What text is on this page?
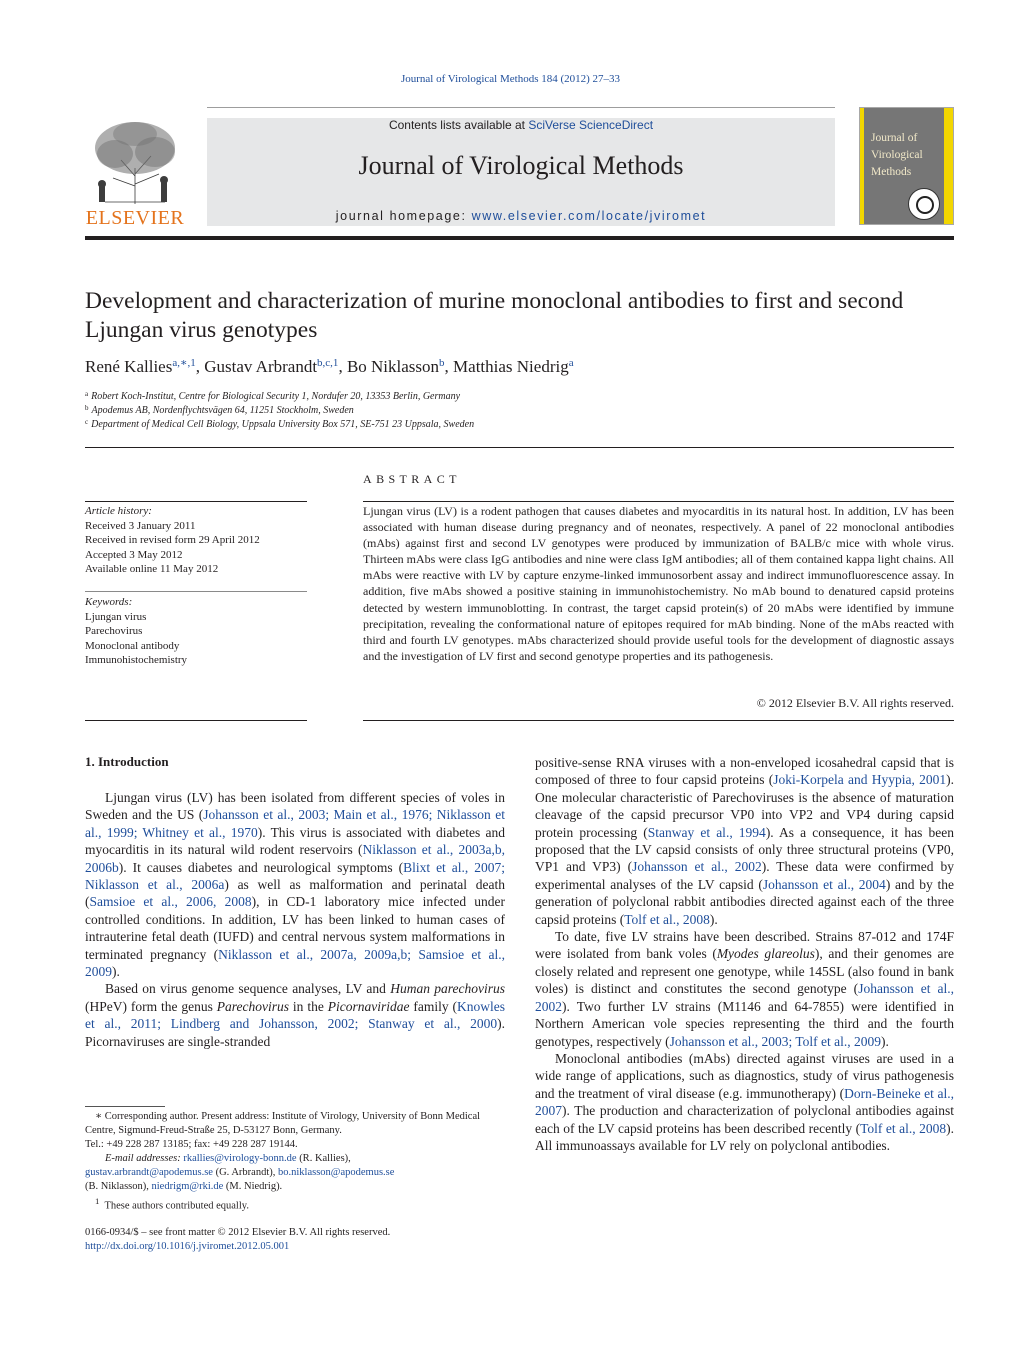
Journal of Virological Methods 184 (2012) 27–33
ELSEVIER
Contents lists available at SciVerse ScienceDirect
Journal of Virological Methods
journal homepage: www.elsevier.com/locate/jviromet
Journal of
Virological
Methods
Development and characterization of murine monoclonal antibodies to first and second Ljungan virus genotypes
René Kallies$^{a,∗,1}$, Gustav Arbrandt$^{b,c,1}$, Bo Niklasson$^b$, Matthias Niedrig$^a$
$^a$ Robert Koch-Institut, Centre for Biological Security 1, Nordufer 20, 13353 Berlin, Germany
$^b$ Apodemus AB, Nordenflychtsvägen 64, 11251 Stockholm, Sweden
$^c$ Department of Medical Cell Biology, Uppsala University Box 571, SE-751 23 Uppsala, Sweden
Article history:
Received 3 January 2011
Received in revised form 29 April 2012
Accepted 3 May 2012
Available online 11 May 2012
Keywords:
Ljungan virus
Parechovirus
Monoclonal antibody
Immunohistochemistry
ABSTRACT
Ljungan virus (LV) is a rodent pathogen that causes diabetes and myocarditis in its natural host. In addition, LV has been associated with human disease during pregnancy and of neonates, respectively. A panel of 22 monoclonal antibodies (mAbs) against first and second LV genotypes were produced by immunization of BALB/c mice with whole virus. Thirteen mAbs were class IgG antibodies and nine were class IgM antibodies; all of them contained kappa light chains. All mAbs were reactive with LV by capture enzyme-linked immunosorbent assay and indirect immunofluorescence assay. In addition, five mAbs showed a positive staining in immunohistochemistry. No mAb bound to denatured capsid proteins detected by western immunoblotting. In contrast, the target capsid protein(s) of 20 mAbs were identified by immune precipitation, revealing the conformational nature of epitopes required for mAb binding. None of the mAbs reacted with third and fourth LV genotypes. mAbs characterized should provide useful tools for the development of diagnostic assays and the investigation of LV first and second genotype properties and its pathogenesis.
© 2012 Elsevier B.V. All rights reserved.
1. Introduction

Ljungan virus (LV) has been isolated from different species of voles in Sweden and the US (Johansson et al., 2003; Main et al., 1976; Niklasson et al., 1999; Whitney et al., 1970). This virus is associated with diabetes and myocarditis in its natural wild rodent reservoirs (Niklasson et al., 2003a,b, 2006b). It causes diabetes and neurological symptoms (Blixt et al., 2007; Niklasson et al., 2006a) as well as malformation and perinatal death (Samsioe et al., 2006, 2008), in CD-1 laboratory mice infected under controlled conditions. In addition, LV has been linked to human cases of intrauterine fetal death (IUFD) and central nervous system malformations in terminated pregnancy (Niklasson et al., 2007a, 2009a,b; Samsioe et al., 2009).

Based on virus genome sequence analyses, LV and Human parechovirus (HPeV) form the genus Parechovirus in the Picornaviridae family (Knowles et al., 2011; Lindberg and Johansson, 2002; Stanway et al., 2000). Picornaviruses are single-stranded

positive-sense RNA viruses with a non-enveloped icosahedral capsid that is composed of three to four capsid proteins (Joki-Korpela and Hyypia, 2001). One molecular characteristic of Parechoviruses is the absence of maturation cleavage of the capsid precursor VP0 into VP2 and VP4 during capsid protein processing (Stanway et al., 1994). As a consequence, it has been proposed that the LV capsid consists of only three structural proteins (VP0, VP1 and VP3) (Johansson et al., 2002). These data were confirmed by experimental analyses of the LV capsid (Johansson et al., 2004) and by the generation of polyclonal rabbit antibodies directed against each of the three capsid proteins (Tolf et al., 2008).

To date, five LV strains have been described. Strains 87-012 and 174F were isolated from bank voles (Myodes glareolus), and their genomes are closely related and represent one genotype, while 145SL (also found in bank voles) is distinct and constitutes the second genotype (Johansson et al., 2002). Two further LV strains (M1146 and 64-7855) were identified in Northern American vole species representing the third and the fourth genotypes, respectively (Johansson et al., 2003; Tolf et al., 2009).

Monoclonal antibodies (mAbs) directed against viruses are used in a wide range of applications, such as diagnostics, study of virus pathogenesis and the treatment of viral disease (e.g. immunotherapy) (Dorn-Beineke et al., 2007). The production and characterization of polyclonal antibodies against each of the LV capsid proteins has been described recently (Tolf et al., 2008). All immunoassays available for LV rely on polyclonal antibodies.

∗ Corresponding author. Present address: Institute of Virology, University of Bonn Medical Centre, Sigmund-Freud-Straße 25, D-53127 Bonn, Germany.
Tel.: +49 228 287 13185; fax: +49 228 287 19144.
E-mail addresses: rkallies@virology-bonn.de (R. Kallies),
gustav.arbrandt@apodemus.se (G. Arbrandt), bo.niklasson@apodemus.se
(B. Niklasson), niedrigm@rki.de (M. Niedrig).
$^1$ These authors contributed equally.
0166-0934/$ – see front matter © 2012 Elsevier B.V. All rights reserved.
http://dx.doi.org/10.1016/j.jviromet.2012.05.001
